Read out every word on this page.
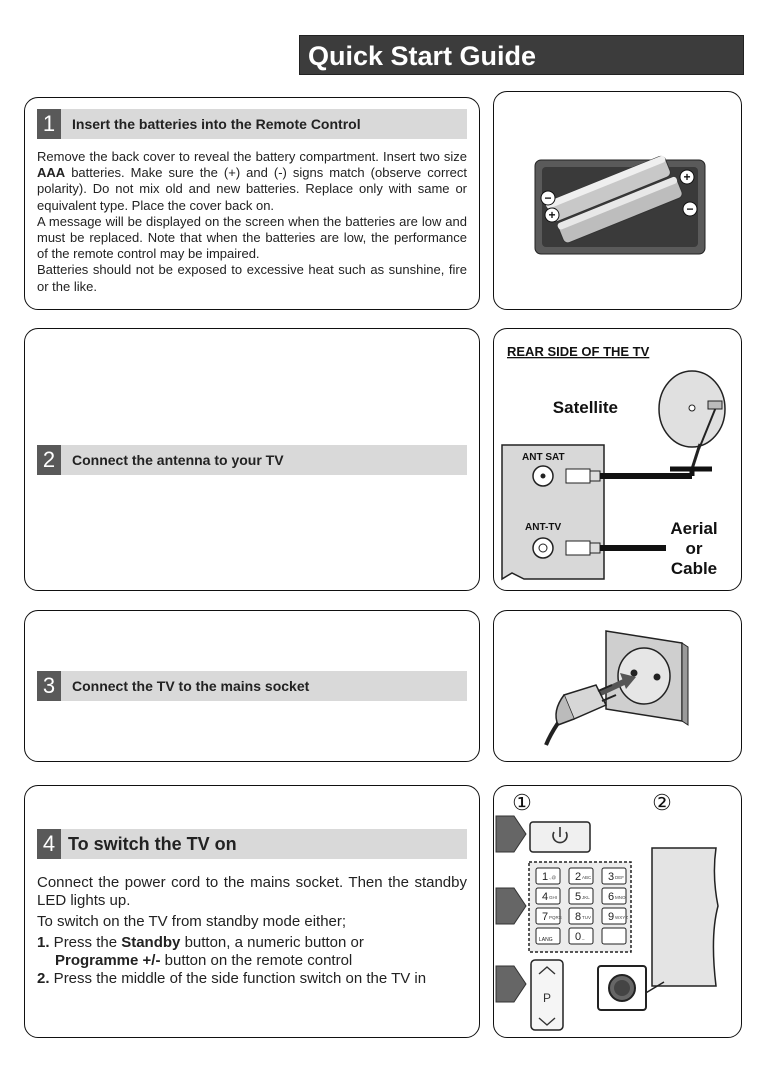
Quick Start Guide
1	Insert the batteries into the Remote Control

Remove the back cover to reveal the battery compartment. Insert two size AAA batteries. Make sure the (+) and (-) signs match (observe correct polarity). Do not mix old and new batteries. Replace only with same or equivalent type. Place the cover back on.

A message will be displayed on the screen when the batteries are low and must be replaced. Note that when the batteries are low, the performance of the remote control may be impaired.

Batteries should not be exposed to excessive heat such as sunshine, fire or the like.

−
+
+
−
2	Connect the antenna to your TV
REAR SIDE OF THE TV
Satellite
ANT SAT
ANT-TV	Aerial
or
Cable
3	Connect the TV to the mains socket
4 To switch the TV on

Connect the power cord to the mains socket. Then the standby LED lights up.

To switch on the TV from standby mode either;

1. Press the Standby button, a numeric button or

Programme +/- button on the remote control

2. Press the middle of the side function switch on the TV in

①	②
1 .,@ 2 ABC 3 DEF
4 GHI 5 JKL 6 MNO
7 PQRS 8 TUV 9 WXYZ
0 _
LANG
P
